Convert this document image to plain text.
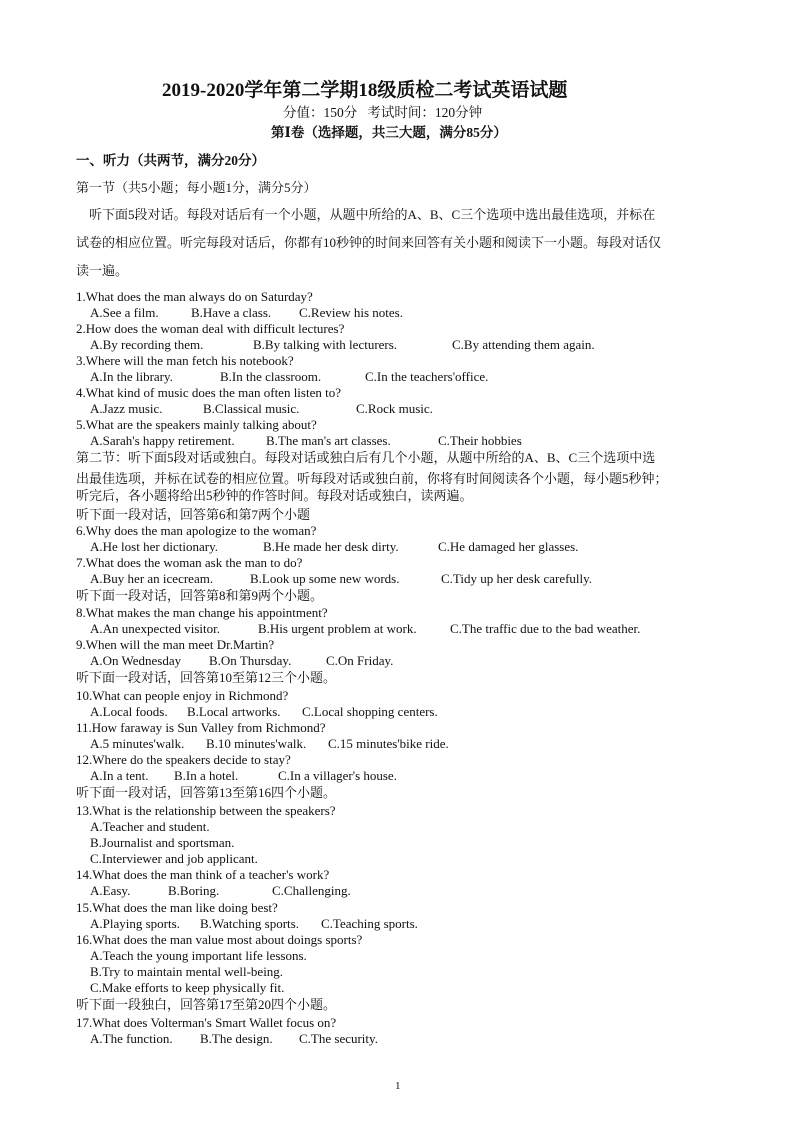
2019-2020学年第二学期18级质检二考试英语试题
分值：150分   考试时间：120分钟
第Ⅰ卷（选择题，共三大题，满分85分）
一、听力（共两节，满分20分）
第一节（共5小题；每小题1分，满分5分）
听下面5段对话。每段对话后有一个小题，从题中所给的A、B、C三个选项中选出最佳选项，并标在
试卷的相应位置。听完每段对话后，你都有10秒钟的时间来回答有关小题和阅读下一小题。每段对话仅
读一遍。
1.What does the man always do on Saturday?
A.See a film. B.Have a class. C.Review his notes.
2.How does the woman deal with difficult lectures?
A.By recording them.	B.By talking with lecturers.	C.By attending them again.
3.Where will the man fetch his notebook?
A.In the library.	B.In the classroom.	C.In the teachers'office.
4.What kind of music does the man often listen to?
A.Jazz music.	B.Classical music.	C.Rock music.
5.What are the speakers mainly talking about?
A.Sarah's happy retirement. B.The man's art classes.	C.Their hobbies
第二节：听下面5段对话或独白。每段对话或独白后有几个小题，从题中所给的A、B、C三个选项中选
出最佳选项，并标在试卷的相应位置。听每段对话或独白前，你将有时间阅读各个小题，每小题5秒钟；
听完后，各小题将给出5秒钟的作答时间。每段对话或独白，读两遍。
听下面一段对话，回答第6和第7两个小题
6.Why does the man apologize to the woman?
A.He lost her dictionary.	B.He made her desk dirty.	C.He damaged her glasses.
7.What does the woman ask the man to do?
A.Buy her an icecream.	B.Look up some new words.	C.Tidy up her desk carefully.
听下面一段对话，回答第8和第9两个小题。
8.What makes the man change his appointment?
A.An unexpected visitor.	B.His urgent problem at work.	C.The traffic due to the bad weather.
9.When will the man meet Dr.Martin?
A.On Wednesday B.On Thursday.	C.On Friday.
听下面一段对话，回答第10至第12三个小题。
10.What can people enjoy in Richmond?
A.Local foods. B.Local artworks. C.Local shopping centers.
11.How faraway is Sun Valley from Richmond?
A.5 minutes'walk. B.10 minutes'walk. C.15 minutes'bike ride.
12.Where do the speakers decide to stay?
A.In a tent. B.In a hotel.	C.In a villager's house.
听下面一段对话，回答第13至第16四个小题。
13.What is the relationship between the speakers?
A.Teacher and student.
B.Journalist and sportsman.
C.Interviewer and job applicant.
14.What does the man think of a teacher's work?
A.Easy.	B.Boring.	C.Challenging.
15.What does the man like doing best?
A.Playing sports. B.Watching sports. C.Teaching sports.
16.What does the man value most about doings sports?
A.Teach the young important life lessons.
B.Try to maintain mental well-being.
C.Make efforts to keep physically fit.
听下面一段独白，回答第17至第20四个小题。
17.What does Volterman's Smart Wallet focus on?
A.The function. B.The design. C.The security.
1
